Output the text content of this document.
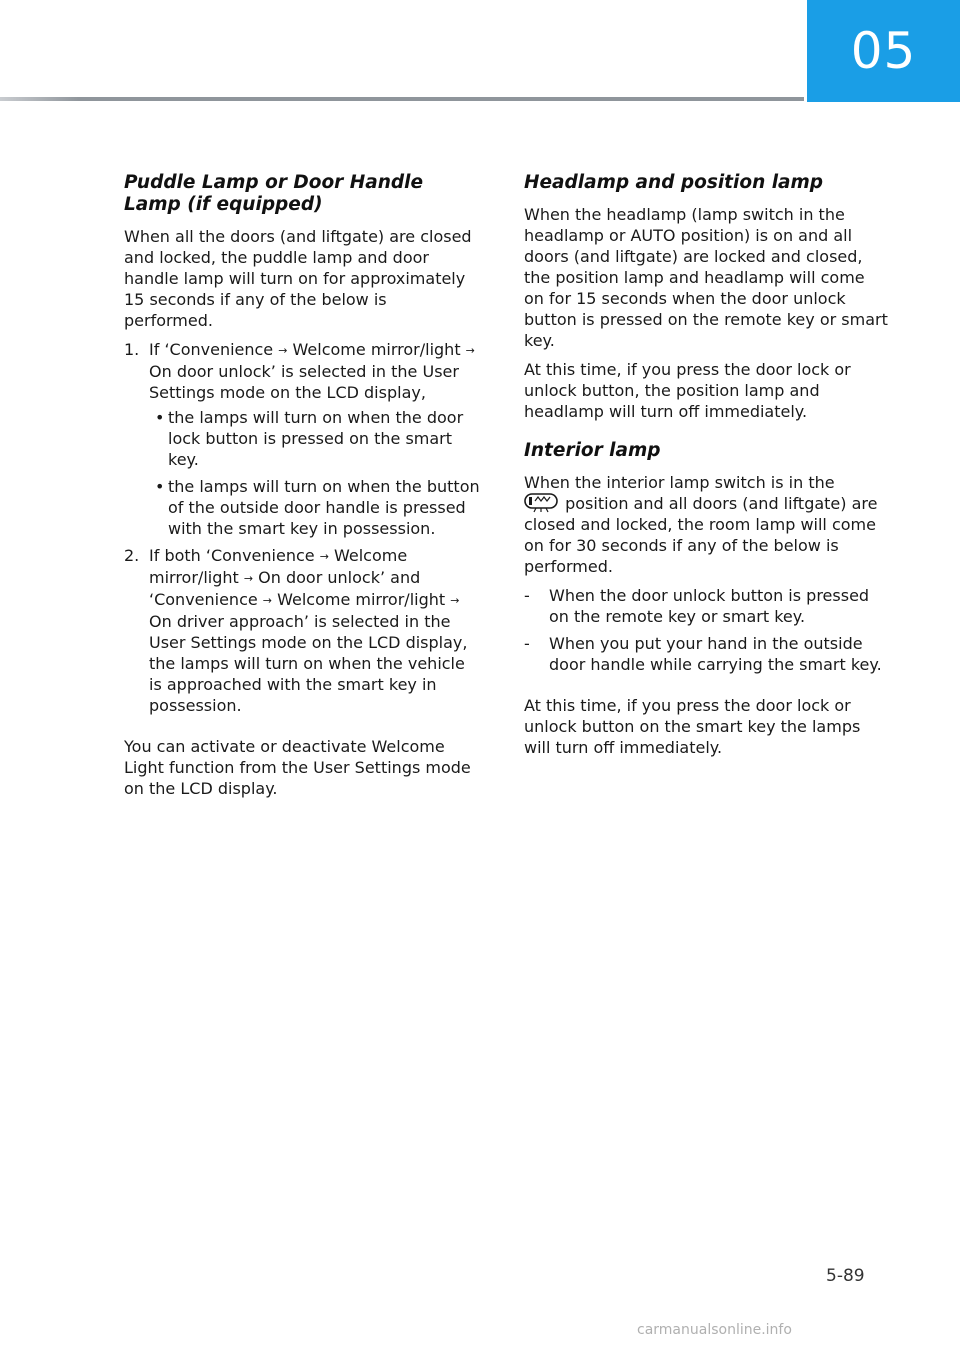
05
Puddle Lamp or Door Handle Lamp (if equipped)

When all the doors (and liftgate) are closed and locked, the puddle lamp and door handle lamp will turn on for approximately 15 seconds if any of the below is performed.

1. If ‘Convenience → Welcome mirror/light → On door unlock’ is selected in the User Settings mode on the LCD display,
• the lamps will turn on when the door lock button is pressed on the smart key.
• the lamps will turn on when the button of the outside door handle is pressed with the smart key in possession.
2. If both ‘Convenience → Welcome mirror/light → On door unlock’ and ‘Convenience → Welcome mirror/light → On driver approach’ is selected in the User Settings mode on the LCD display, the lamps will turn on when the vehicle is approached with the smart key in possession.

You can activate or deactivate Welcome Light function from the User Settings mode on the LCD display.

Headlamp and position lamp

When the headlamp (lamp switch in the headlamp or AUTO position) is on and all doors (and liftgate) are locked and closed, the position lamp and headlamp will come on for 15 seconds when the door unlock button is pressed on the remote key or smart key.

At this time, if you press the door lock or unlock button, the position lamp and headlamp will turn off immediately.

Interior lamp

When the interior lamp switch is in the
position and all doors (and liftgate) are closed and locked, the room lamp will come on for 30 seconds if any of the below is performed.

- When the door unlock button is pressed on the remote key or smart key.
- When you put your hand in the outside door handle while carrying the smart key.

At this time, if you press the door lock or unlock button on the smart key the lamps will turn off immediately.

5-89
carmanualsonline.info
